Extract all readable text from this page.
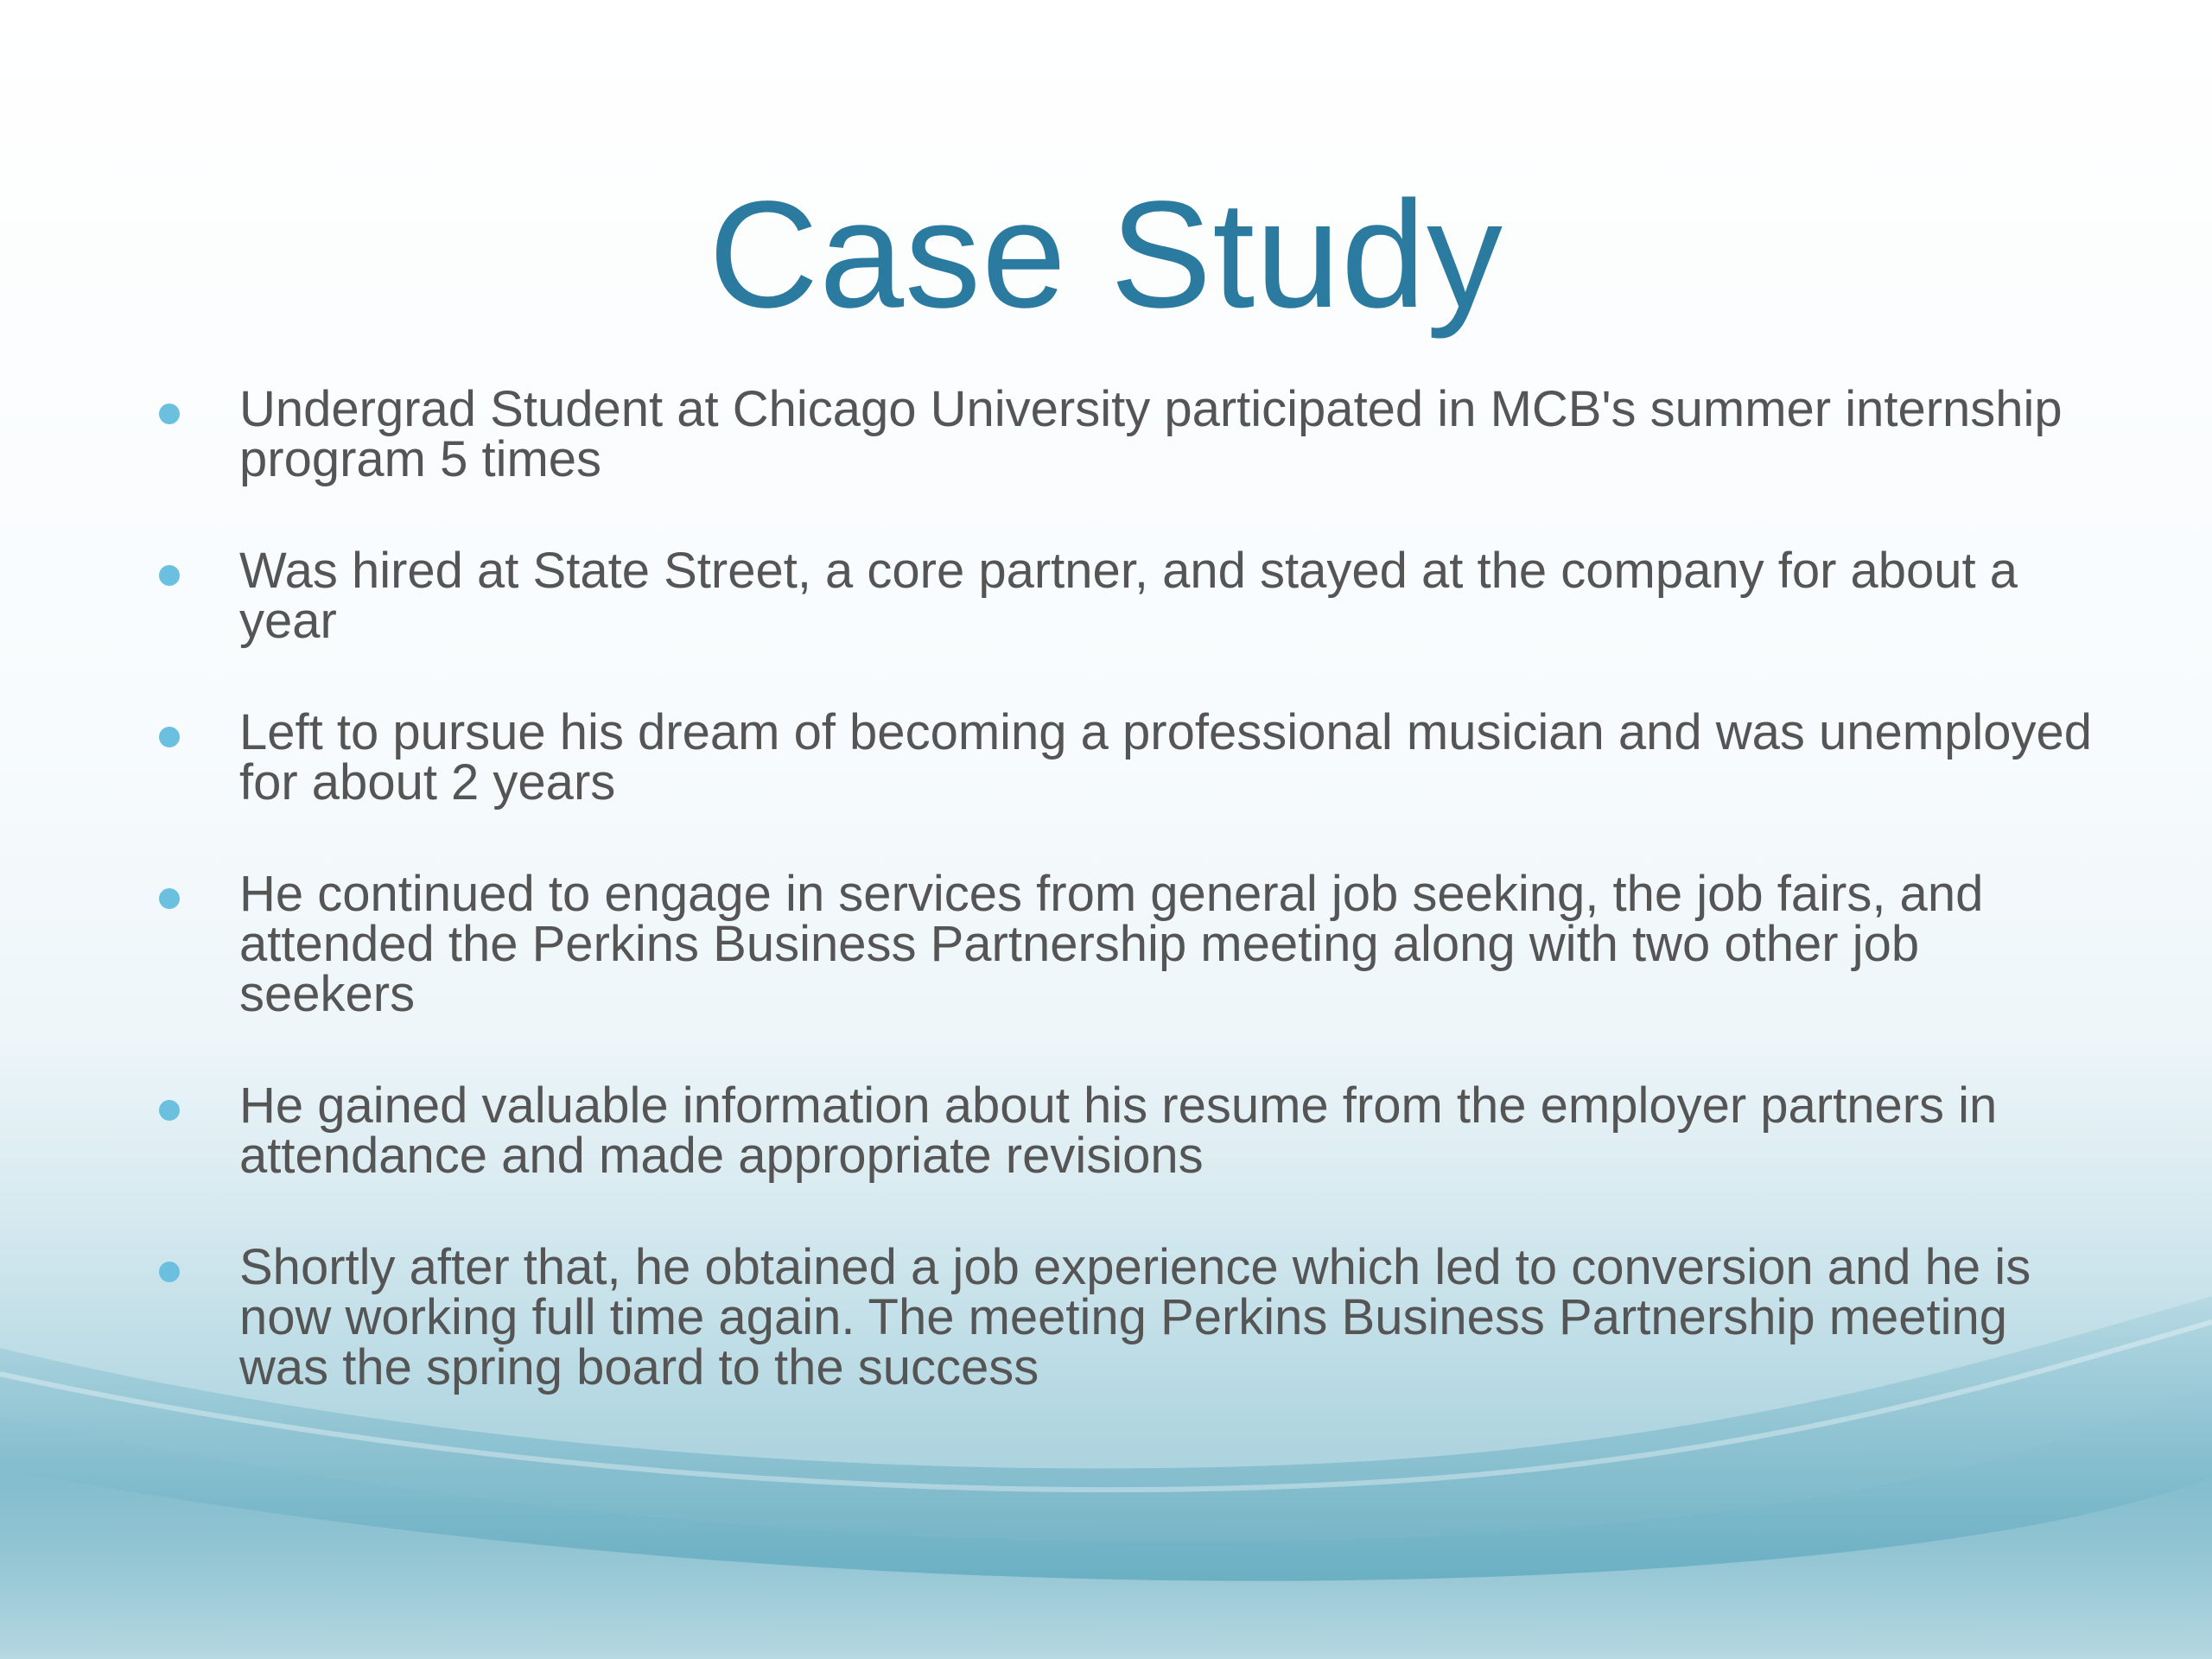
Case Study
Undergrad Student at Chicago University participated in MCB's summer internship program 5 times
Was hired at State Street, a core partner, and stayed at the company for about a year
Left to pursue his dream of becoming a professional musician and was unemployed for about 2 years
He continued to engage in services from general job seeking, the job fairs, and attended the Perkins Business Partnership meeting along with two other job seekers
He gained valuable information about his resume from the employer partners in attendance and made appropriate revisions
Shortly after that, he obtained a job experience which led to conversion and he is now working full time again. The meeting Perkins Business Partnership meeting was the spring board to the success
